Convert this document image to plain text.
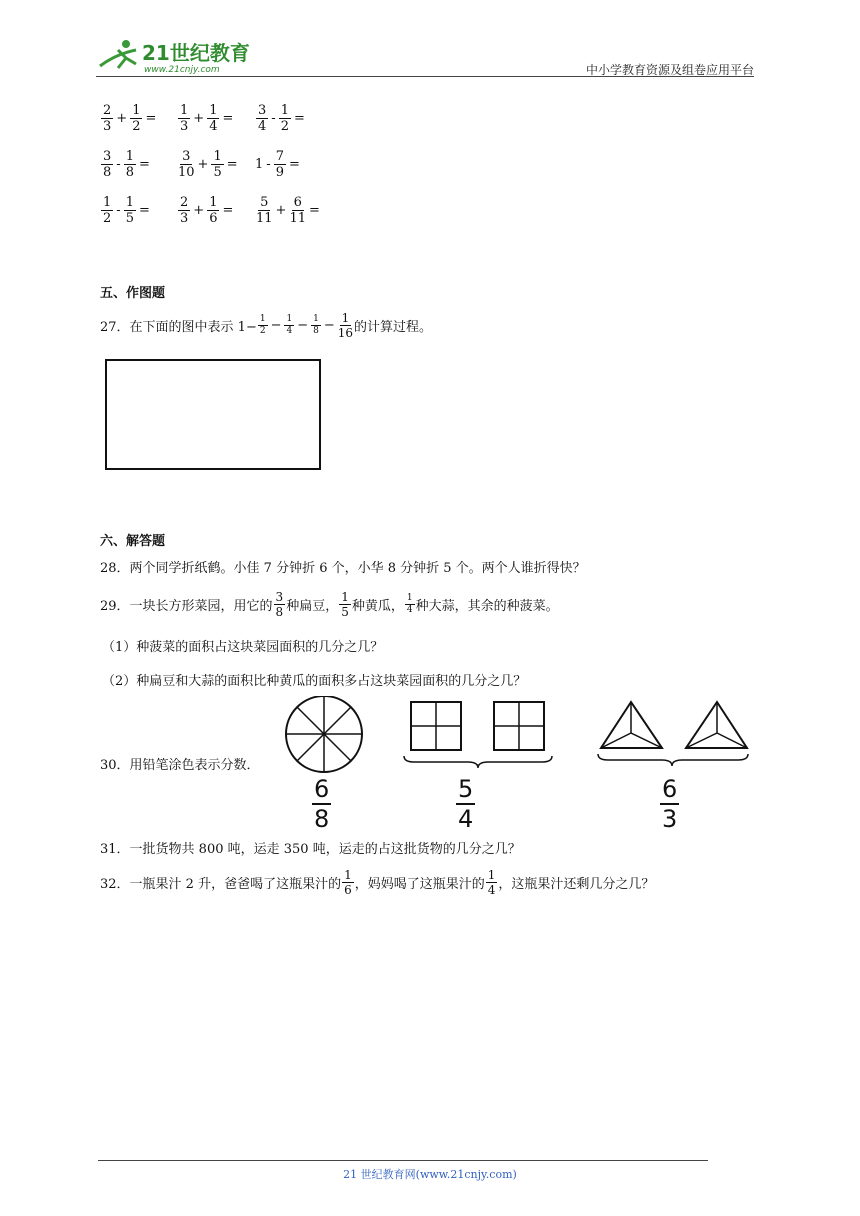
21世纪教育
www.21cnjy.com	中小学教育资源及组卷应用平台
$\frac{2}{3} + \frac{1}{2} = \frac{1}{3} + \frac{1}{4} = \frac{3}{4} - \frac{1}{2}$ =
$\frac{3}{8} - \frac{1}{8} = \frac{3}{10} + \frac{1}{5} = 1 - \frac{7}{9}$ =
$\frac{1}{2} - \frac{1}{5} = \frac{2}{3} + \frac{1}{6} = \frac{5}{11} + \frac{6}{11}$ =
五、作图题
27．在下面的图中表示 $1- \frac{1}{2} - \frac{1}{4} - \frac{1}{8} - \frac{1}{16}$ 的计算过程。
六、解答题
28．两个同学折纸鹤。小佳 7 分钟折 6 个，小华 8 分钟折 5 个。两个人谁折得快？
29．一块长方形菜园，用它的 $\frac{3}{8}$ 种扁豆， $\frac{1}{5}$ 种黄瓜， $\frac{1}{4}$ 种大蒜，其余的种菠菜。
（1）种菠菜的面积占这块菜园面积的几分之几？
（2）种扁豆和大蒜的面积比种黄瓜的面积多占这块菜园面积的几分之几？
30．用铅笔涂色表示分数．
$\frac{6}{8}$	$\frac{5}{4}$	$\frac{6}{3}$
31．一批货物共 800 吨，运走 350 吨，运走的占这批货物的几分之几？
32．一瓶果汁 2 升，爸爸喝了这瓶果汁的 $\frac{1}{6}$ ，妈妈喝了这瓶果汁的 $\frac{1}{4}$ ，这瓶果汁还剩几分之几？
21 世纪教育网(www.21cnjy.com)
